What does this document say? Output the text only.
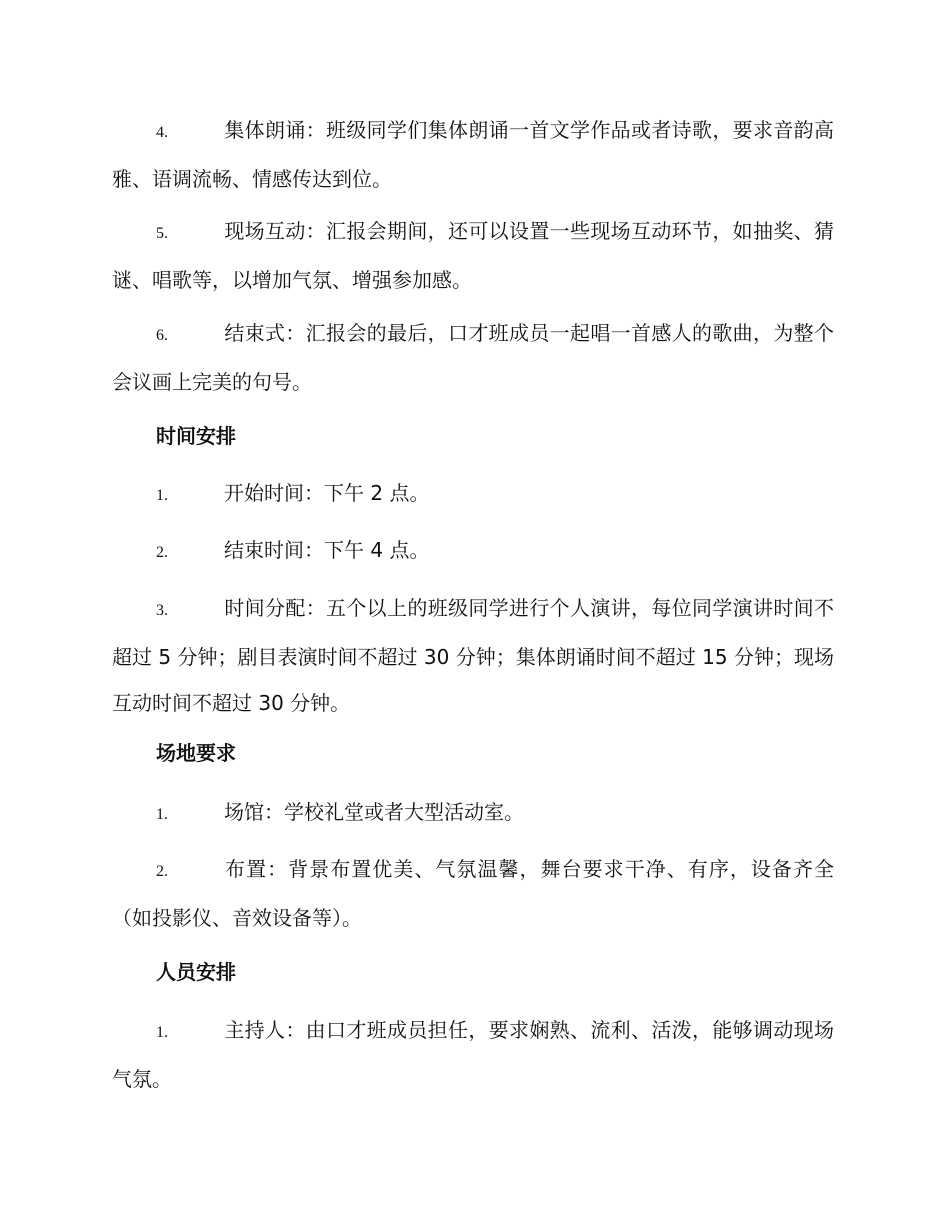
4.	集体朗诵：班级同学们集体朗诵一首文学作品或者诗歌，要求音韵高雅、语调流畅、情感传达到位。

5.	现场互动：汇报会期间，还可以设置一些现场互动环节，如抽奖、猜谜、唱歌等，以增加气氛、增强参加感。

6.	结束式：汇报会的最后，口才班成员一起唱一首感人的歌曲，为整个会议画上完美的句号。

时间安排

1.	开始时间：下午 2 点。

2.	结束时间：下午 4 点。

3.	时间分配：五个以上的班级同学进行个人演讲，每位同学演讲时间不超过 5 分钟；剧目表演时间不超过 30 分钟；集体朗诵时间不超过 15 分钟；现场互动时间不超过 30 分钟。

场地要求

1.	场馆：学校礼堂或者大型活动室。

2.	布置：背景布置优美、气氛温馨，舞台要求干净、有序，设备齐全（如投影仪、音效设备等）。

人员安排

1.	主持人：由口才班成员担任，要求娴熟、流利、活泼，能够调动现场气氛。
